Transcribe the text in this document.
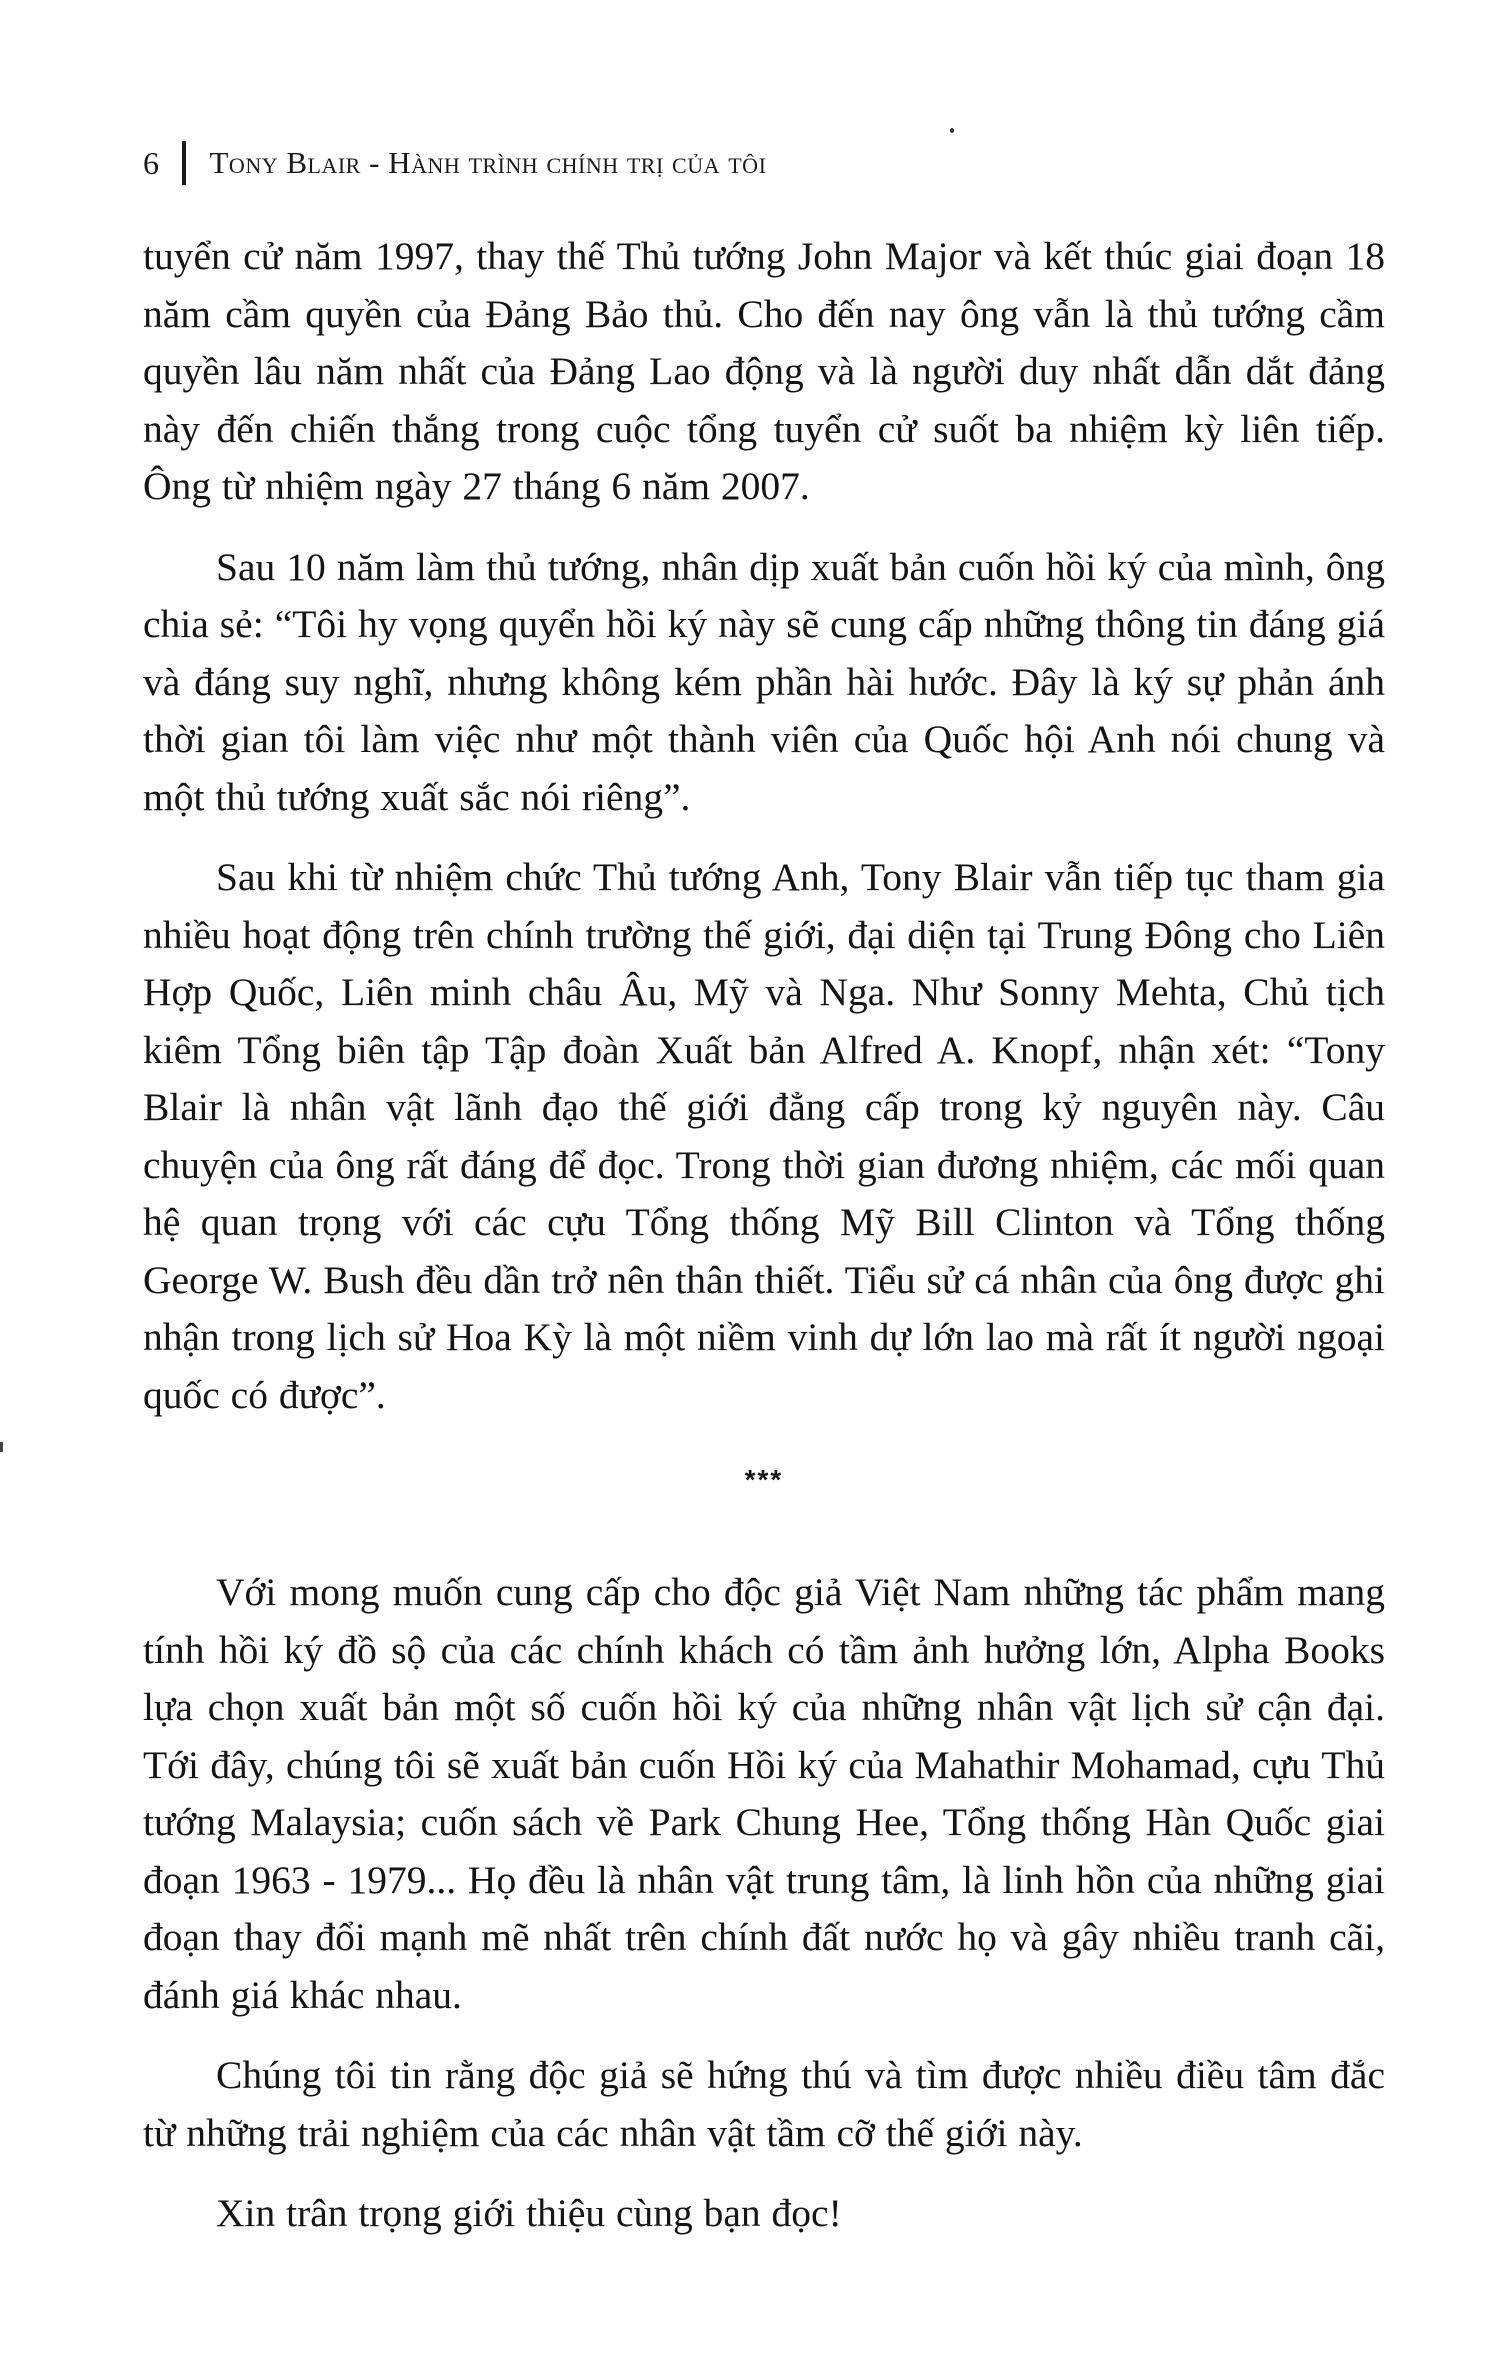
6 Tony Blair - Hành trình chính trị của tôi

tuyển cử năm 1997, thay thế Thủ tướng John Major và kết thúc giai đoạn 18 năm cầm quyền của Đảng Bảo thủ. Cho đến nay ông vẫn là thủ tướng cầm quyền lâu năm nhất của Đảng Lao động và là người duy nhất dẫn dắt đảng này đến chiến thắng trong cuộc tổng tuyển cử suốt ba nhiệm kỳ liên tiếp. Ông từ nhiệm ngày 27 tháng 6 năm 2007.

Sau 10 năm làm thủ tướng, nhân dịp xuất bản cuốn hồi ký của mình, ông chia sẻ: “Tôi hy vọng quyển hồi ký này sẽ cung cấp những thông tin đáng giá và đáng suy nghĩ, nhưng không kém phần hài hước. Đây là ký sự phản ánh thời gian tôi làm việc như một thành viên của Quốc hội Anh nói chung và một thủ tướng xuất sắc nói riêng”.

Sau khi từ nhiệm chức Thủ tướng Anh, Tony Blair vẫn tiếp tục tham gia nhiều hoạt động trên chính trường thế giới, đại diện tại Trung Đông cho Liên Hợp Quốc, Liên minh châu Âu, Mỹ và Nga. Như Sonny Mehta, Chủ tịch kiêm Tổng biên tập Tập đoàn Xuất bản Alfred A. Knopf, nhận xét: “Tony Blair là nhân vật lãnh đạo thế giới đẳng cấp trong kỷ nguyên này. Câu chuyện của ông rất đáng để đọc. Trong thời gian đương nhiệm, các mối quan hệ quan trọng với các cựu Tổng thống Mỹ Bill Clinton và Tổng thống George W. Bush đều dần trở nên thân thiết. Tiểu sử cá nhân của ông được ghi nhận trong lịch sử Hoa Kỳ là một niềm vinh dự lớn lao mà rất ít người ngoại quốc có được”.

***

Với mong muốn cung cấp cho độc giả Việt Nam những tác phẩm mang tính hồi ký đồ sộ của các chính khách có tầm ảnh hưởng lớn, Alpha Books lựa chọn xuất bản một số cuốn hồi ký của những nhân vật lịch sử cận đại. Tới đây, chúng tôi sẽ xuất bản cuốn Hồi ký của Mahathir Mohamad, cựu Thủ tướng Malaysia; cuốn sách về Park Chung Hee, Tổng thống Hàn Quốc giai đoạn 1963 - 1979... Họ đều là nhân vật trung tâm, là linh hồn của những giai đoạn thay đổi mạnh mẽ nhất trên chính đất nước họ và gây nhiều tranh cãi, đánh giá khác nhau.

Chúng tôi tin rằng độc giả sẽ hứng thú và tìm được nhiều điều tâm đắc từ những trải nghiệm của các nhân vật tầm cỡ thế giới này.

Xin trân trọng giới thiệu cùng bạn đọc!
